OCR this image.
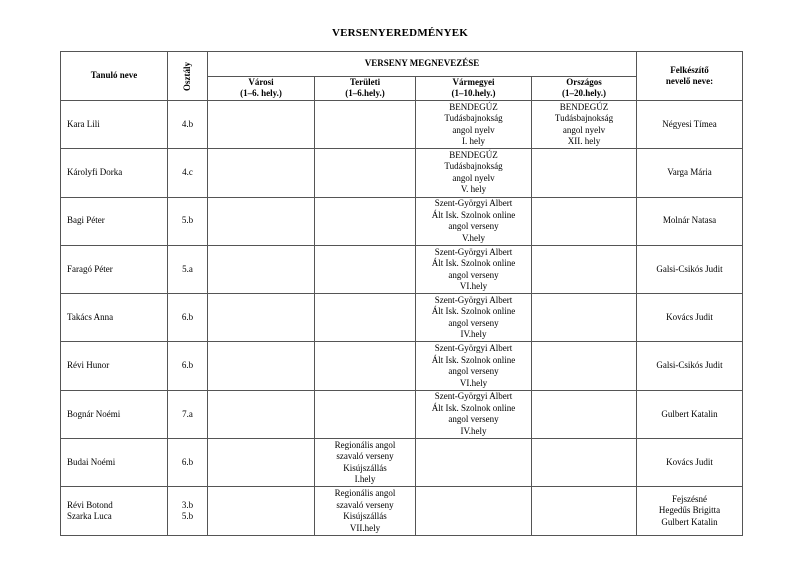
VERSENYEREDMÉNYEK
Tanuló neve	Osztály	VERSENY MEGNEVEZÉSE				Felkészítő
nevelő neve:

		Városi
(1–6. hely.)	Területi
(1–6.hely.)	Vármegyei
(1–10.hely.)	Országos
(1–20.hely.)	

Kara Lili	4.b			BENDEGÚZ
Tudásbajnokság
angol nyelv
I. hely	BENDEGÚZ
Tudásbajnokság
angol nyelv
XII. hely	Négyesi Tímea

Károlyfi Dorka	4.c			BENDEGÚZ
Tudásbajnokság
angol nyelv
V. hely		Varga Mária

Bagi Péter	5.b			Szent-Györgyi Albert
Ált Isk. Szolnok online
angol verseny
V.hely		Molnár Natasa

Faragó Péter	5.a			Szent-Györgyi Albert
Ált Isk. Szolnok online
angol verseny
VI.hely		Galsi-Csikós Judit

Takács Anna	6.b			Szent-Györgyi Albert
Ált Isk. Szolnok online
angol verseny
IV.hely		Kovács Judit

Révi Hunor	6.b			Szent-Györgyi Albert
Ált Isk. Szolnok online
angol verseny
VI.hely		Galsi-Csikós Judit

Bognár Noémi	7.a			Szent-Györgyi Albert
Ált Isk. Szolnok online
angol verseny
IV.hely		Gulbert Katalin

Budai Noémi	6.b		Regionális angol
szavaló verseny
Kisújszállás
I.hely			Kovács Judit

Révi Botond
Szarka Luca	3.b
5.b		Regionális angol
szavaló verseny
Kisújszállás
VII.hely			Fejszésné
Hegedűs Brigitta
Gulbert Katalin
